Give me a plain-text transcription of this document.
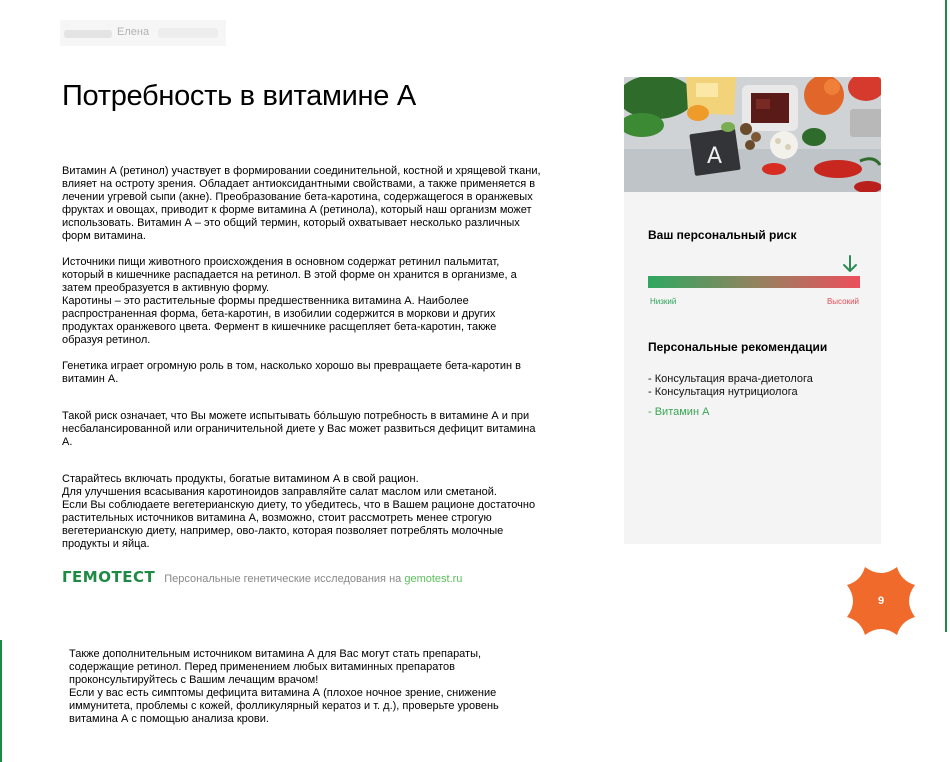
Елена
Потребность в витамине А

Витамин А (ретинол) участвует в формировании соединительной, костной и хрящевой ткани,
влияет на остроту зрения. Обладает антиоксидантными свойствами, а также применяется в
лечении угревой сыпи (акне). Преобразование бета-каротина, содержащегося в оранжевых
фруктах и овощах, приводит к форме витамина А (ретинола), который наш организм может
использовать. Витамин А – это общий термин, который охватывает несколько различных
форм витамина.

Источники пищи животного происхождения в основном содержат ретинил пальмитат,
который в кишечнике распадается на ретинол. В этой форме он хранится в организме, а
затем преобразуется в активную форму.
Каротины – это растительные формы предшественника витамина А. Наиболее
распространенная форма, бета-каротин, в изобилии содержится в моркови и других
продуктах оранжевого цвета. Фермент в кишечнике расщепляет бета-каротин, также
образуя ретинол.

Генетика играет огромную роль в том, насколько хорошо вы превращаете бета-каротин в
витамин А.

Такой риск означает, что Вы можете испытывать бóльшую потребность в витамине А и при
несбалансированной или ограничительной диете у Вас может развиться дефицит витамина
А.

Старайтесь включать продукты, богатые витамином А в свой рацион.
Для улучшения всасывания каротиноидов заправляйте салат маслом или сметаной.
Если Вы соблюдаете вегетерианскую диету, то убедитесь, что в Вашем рационе достаточно
растительных источников витамина А, возможно, стоит рассмотреть менее строгую
вегетерианскую диету, например, ово-лакто, которая позволяет потреблять молочные
продукты и яйца.

ГЕМОТЕСТ Персональные генетические исследования на gemotest.ru
A
Ваш персональный риск
Низкий	Высокий
Персональные рекомендации
- Консультация врача-диетолога
- Консультация нутрициолога
- Витамин А
9

Также дополнительным источником витамина А для Вас могут стать препараты,
содержащие ретинол. Перед применением любых витаминных препаратов
проконсультируйтесь с Вашим лечащим врачом!
Если у вас есть симптомы дефицита витамина А (плохое ночное зрение, снижение
иммунитета, проблемы с кожей, фолликулярный кератоз и т. д.), проверьте уровень
витамина А с помощью анализа крови.
